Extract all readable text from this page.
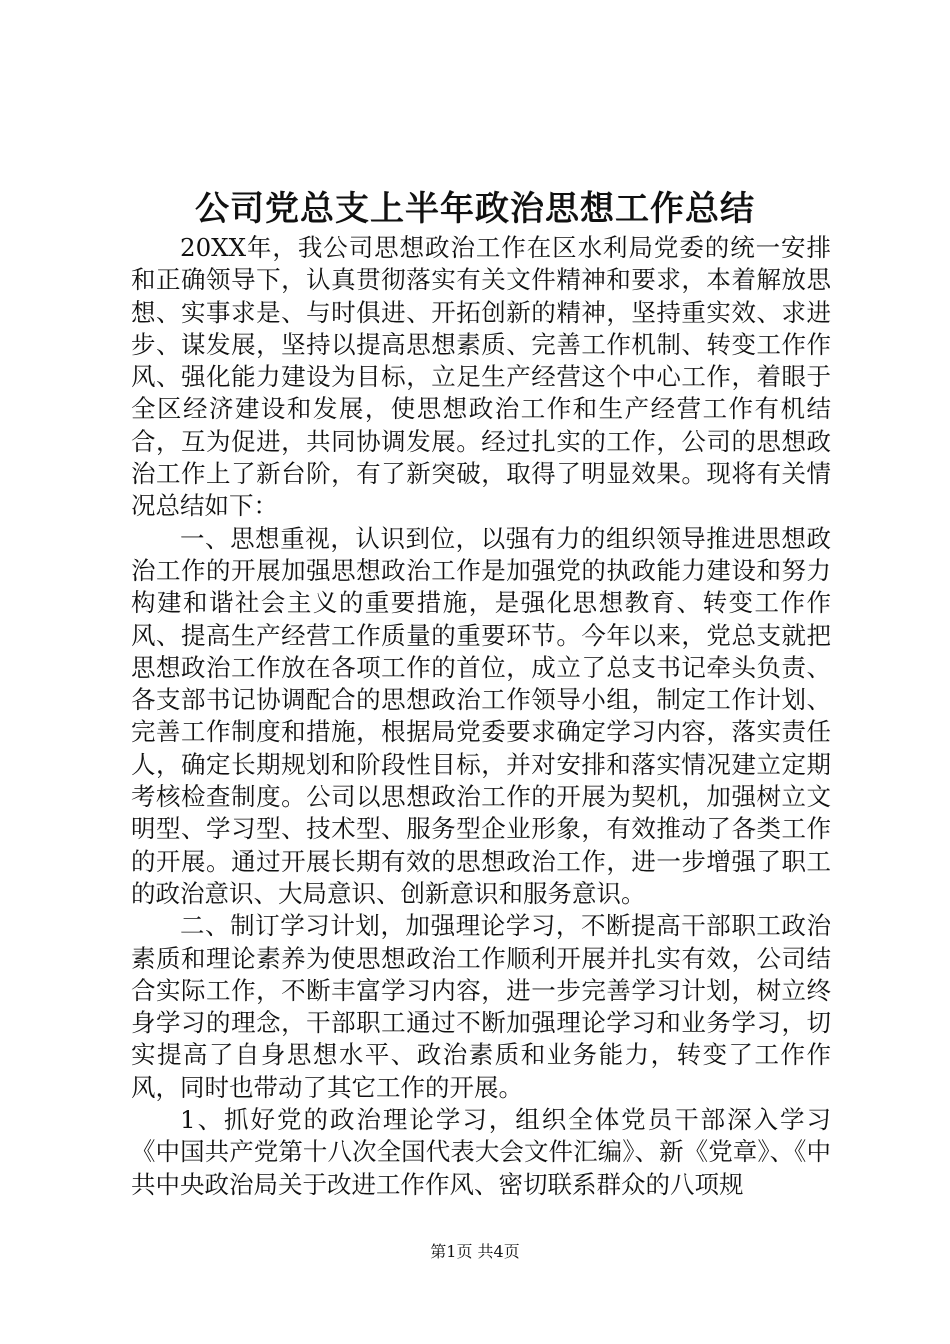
公司党总支上半年政治思想工作总结

20XX年，我公司思想政治工作在区水利局党委的统一安排和正确领导下，认真贯彻落实有关文件精神和要求，本着解放思想、实事求是、与时俱进、开拓创新的精神，坚持重实效、求进步、谋发展，坚持以提高思想素质、完善工作机制、转变工作作风、强化能力建设为目标，立足生产经营这个中心工作，着眼于全区经济建设和发展，使思想政治工作和生产经营工作有机结合，互为促进，共同协调发展。经过扎实的工作，公司的思想政治工作上了新台阶，有了新突破，取得了明显效果。现将有关情况总结如下：

一、思想重视，认识到位，以强有力的组织领导推进思想政治工作的开展加强思想政治工作是加强党的执政能力建设和努力构建和谐社会主义的重要措施，是强化思想教育、转变工作作风、提高生产经营工作质量的重要环节。今年以来，党总支就把思想政治工作放在各项工作的首位，成立了总支书记牵头负责、各支部书记协调配合的思想政治工作领导小组，制定工作计划、完善工作制度和措施，根据局党委要求确定学习内容，落实责任人，确定长期规划和阶段性目标，并对安排和落实情况建立定期考核检查制度。公司以思想政治工作的开展为契机，加强树立文明型、学习型、技术型、服务型企业形象，有效推动了各类工作的开展。通过开展长期有效的思想政治工作，进一步增强了职工的政治意识、大局意识、创新意识和服务意识。

二、制订学习计划，加强理论学习，不断提高干部职工政治素质和理论素养为使思想政治工作顺利开展并扎实有效，公司结合实际工作，不断丰富学习内容，进一步完善学习计划，树立终身学习的理念，干部职工通过不断加强理论学习和业务学习，切实提高了自身思想水平、政治素质和业务能力，转变了工作作风，同时也带动了其它工作的开展。

1、抓好党的政治理论学习，组织全体党员干部深入学习《中国共产党第十八次全国代表大会文件汇编》、新《党章》、《中共中央政治局关于改进工作作风、密切联系群众的八项规

第1页 共4页
